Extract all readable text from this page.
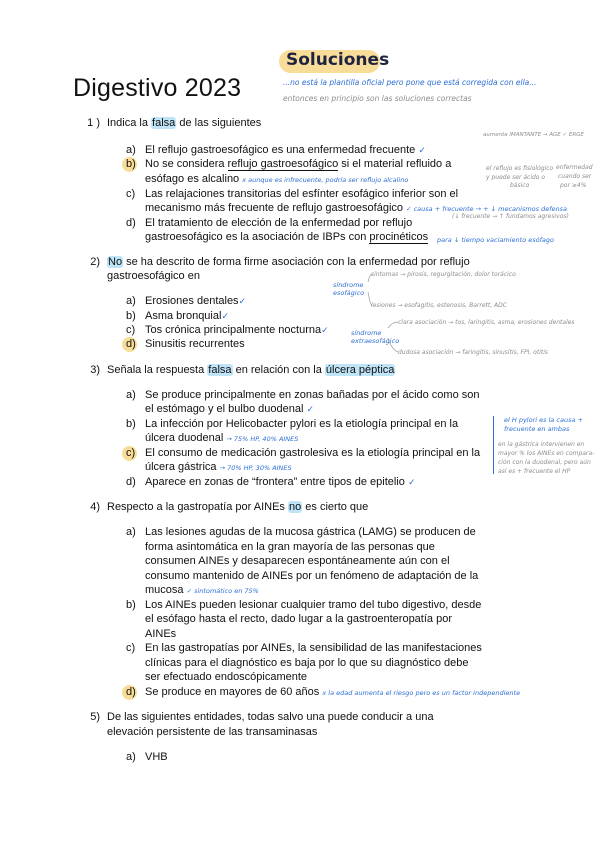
Soluciones
Digestivo 2023	...no está la plantilla oficial pero pone que está corregida con ella...
entonces en principio son las soluciones correctas
1 ) Indica la falsa de las siguientes
a) El reflujo gastroesofágico es una enfermedad frecuente ✓
b) No se considera reflujo gastroesofágico si el material refluido a
esófago es alcalino x aunque es infrecuente, podría ser reflujo alcalino
c) Las relajaciones transitorias del esfínter esofágico inferior son el
mecanismo más frecuente de reflujo gastroesofágico ✓ causa + frecuente → + ↓ mecanismos defensa
(↓ frecuente → ↑ fundamos agresivos)
d) El tratamiento de elección de la enfermedad por reflujo
gastroesofágico es la asociación de IBPs con procinéticos para ↓ tiempo vaciamiento esófago
aumenta IMANTANTE → AGE ✓ ERGE
el reflujo es fisiológico
y puede ser ácido o
básico
enfermedad
cuando ser
por ≥4%
2) No se ha descrito de forma firme asociación con la enfermedad por reflujo
gastroesofágico en
a) Erosiones dentales✓
b) Asma bronquial✓
c) Tos crónica principalmente nocturna✓
d) Sinusitis recurrentes
síndrome esofágico
síntomas → pirosis, regurgitación, dolor torácico
lesiones → esofagitis, estenosis, Barrett, ADC
síndrome extraesofágico
clara asociación → tos, laringitis, asma, erosiones dentales
dudosa asociación → faringitis, sinusitis, FPI, otitis
3) Señala la respuesta falsa en relación con la úlcera péptica
a) Se produce principalmente en zonas bañadas por el ácido como son
el estómago y el bulbo duodenal ✓
b) La infección por Helicobacter pylori es la etiología principal en la
úlcera duodenal → 75% HP, 40% AINES
c) El consumo de medicación gastrolesiva es la etiología principal en la
úlcera gástrica → 70% HP, 30% AINES
d) Aparece en zonas de “frontera” entre tipos de epitelio ✓
el H pylori es la causa +
frecuente en ambas
en la gástrica intervienen en
mayor % los AINEs en compara-
ción con la duodenal, pero aún
así es + frecuente el HP
4) Respecto a la gastropatía por AINEs no es cierto que
a) Las lesiones agudas de la mucosa gástrica (LAMG) se producen de
forma asintomática en la gran mayoría de las personas que
consumen AINEs y desaparecen espontáneamente aún con el
consumo mantenido de AINEs por un fenómeno de adaptación de la
mucosa ✓ sintomático en 75%
b) Los AINEs pueden lesionar cualquier tramo del tubo digestivo, desde
el esófago hasta el recto, dado lugar a la gastroenteropatía por
AINEs
c) En las gastropatías por AINEs, la sensibilidad de las manifestaciones
clínicas para el diagnóstico es baja por lo que su diagnóstico debe
ser efectuado endoscópicamente
d) Se produce en mayores de 60 años x la edad aumenta el riesgo pero es un factor independiente
5) De las siguientes entidades, todas salvo una puede conducir a una
elevación persistente de las transaminasas
a) VHB
